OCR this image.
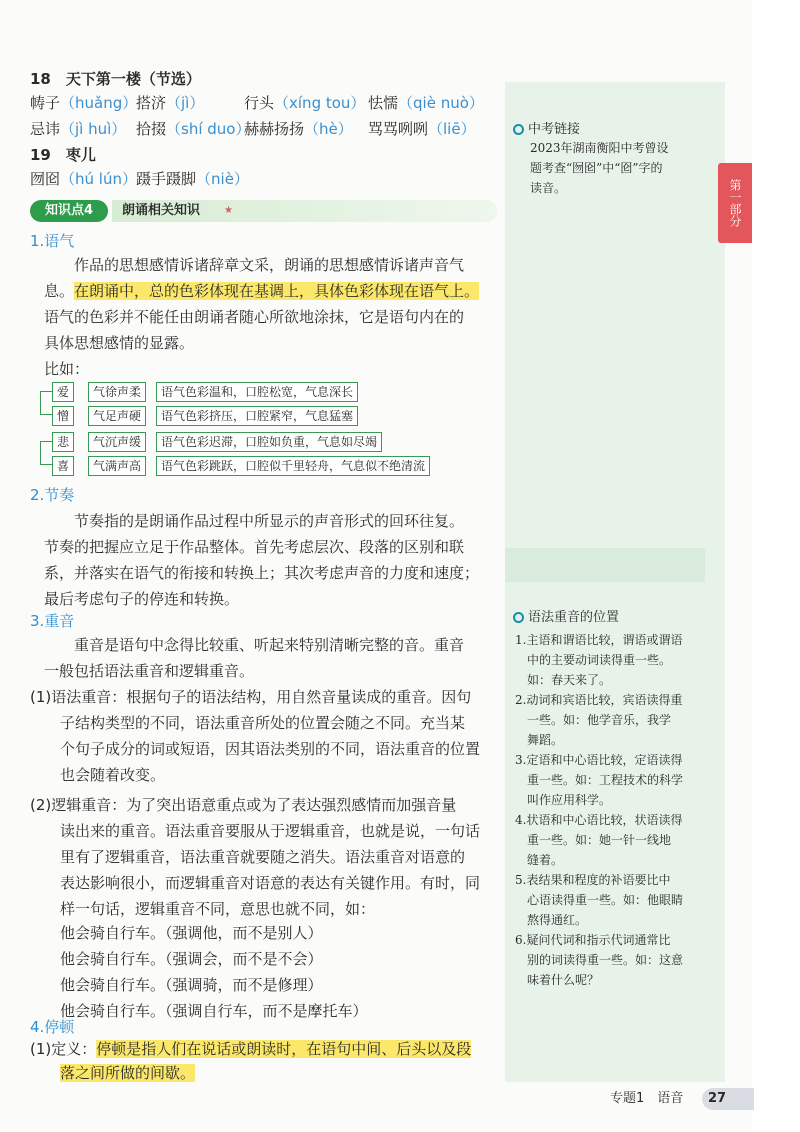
第一部分
18　天下第一楼（节选）
帱子（huǎng）
搭济（jì）	行头（xíng tou） 怯懦（qiè nuò）
忌讳（jì huì） 拾掇（shí duo）
赫赫扬扬（hè） 骂骂咧咧（liē）
19　枣儿
囫囵（hú lún） 蹑手蹑脚（niè）
知识点4	朗诵相关知识 ★
1.语气
作品的思想感情诉诸辞章文采，朗诵的思想感情诉诸声音气
息。在朗诵中，总的色彩体现在基调上，具体色彩体现在语气上。
语气的色彩并不能任由朗诵者随心所欲地涂抹，它是语句内在的
具体思想感情的显露。
比如：
爱	气徐声柔	语气色彩温和，口腔松宽，气息深长
憎	气足声硬	语气色彩挤压，口腔紧窄，气息猛塞
悲	气沉声缓	语气色彩迟滞，口腔如负重，气息如尽竭
喜	气满声高	语气色彩跳跃，口腔似千里轻舟，气息似不绝清流
2.节奏
　　节奏指的是朗诵作品过程中所显示的声音形式的回环往复。
节奏的把握应立足于作品整体。首先考虑层次、段落的区别和联
系，并落实在语气的衔接和转换上；其次考虑声音的力度和速度；
最后考虑句子的停连和转换。
3.重音
　　重音是语句中念得比较重、听起来特别清晰完整的音。重音
一般包括语法重音和逻辑重音。
(1)语法重音：根据句子的语法结构，用自然音量读成的重音。因句
子结构类型的不同，语法重音所处的位置会随之不同。充当某
个句子成分的词或短语，因其语法类别的不同，语法重音的位置
也会随着改变。
(2)逻辑重音：为了突出语意重点或为了表达强烈感情而加强音量
读出来的重音。语法重音要服从于逻辑重音，也就是说，一句话
里有了逻辑重音，语法重音就要随之消失。语法重音对语意的
表达影响很小，而逻辑重音对语意的表达有关键作用。有时，同
样一句话，逻辑重音不同，意思也就不同，如：
他会骑自行车。（强调他，而不是别人）
他会骑自行车。（强调会，而不是不会）
他会骑自行车。（强调骑，而不是修理）
他会骑自行车。（强调自行车，而不是摩托车）
4.停顿
(1)定义：停顿是指人们在说话或朗读时，在语句中间、后头以及段
落之间所做的间歇。
中考链接
2023年湖南衡阳中考曾设
题考查“囫囵”中“囵”字的
读音。
语法重音的位置
1.主语和谓语比较，谓语或谓语
　中的主要动词读得重一些。
　如：春天来了。
2.动词和宾语比较，宾语读得重
　一些。如：他学音乐，我学
　舞蹈。
3.定语和中心语比较，定语读得
　重一些。如：工程技术的科学
　叫作应用科学。
4.状语和中心语比较，状语读得
　重一些。如：她一针一线地
　缝着。
5.表结果和程度的补语要比中
　心语读得重一些。如：他眼睛
　熬得通红。
6.疑问代词和指示代词通常比
　别的词读得重一些。如：这意
　味着什么呢？
专题1　语音	27
